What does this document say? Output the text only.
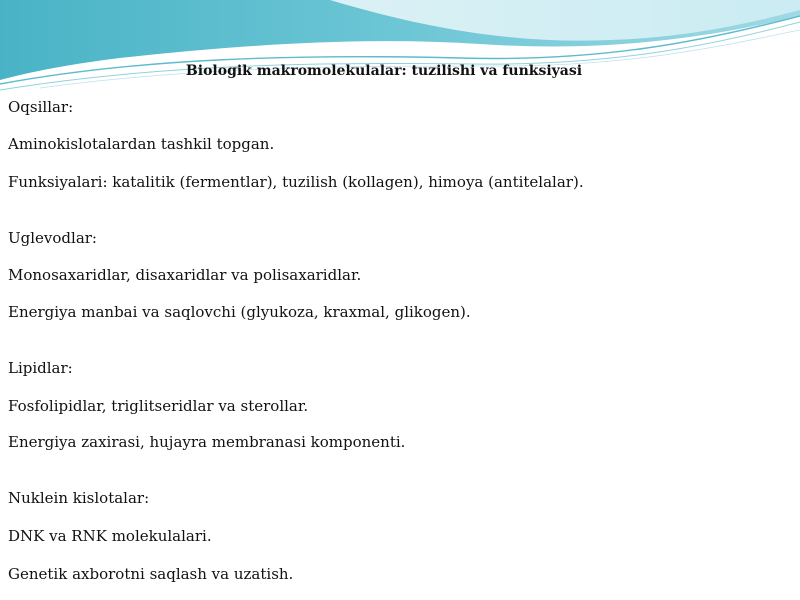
Biologik makromolekulalar: tuzilishi va funksiyasi

Oqsillar:

Aminokislotalardan tashkil topgan.

Funksiyalari: katalitik (fermentlar), tuzilish (kollagen), himoya (antitelalar).

Uglevodlar:

Monosaxaridlar, disaxaridlar va polisaxaridlar.

Energiya manbai va saqlovchi (glyukoza, kraxmal, glikogen).

Lipidlar:

Fosfolipidlar, triglitseridlar va sterollar.

Energiya zaxirasi, hujayra membranasi komponenti.

Nuklein kislotalar:

DNK va RNK molekulalari.

Genetik axborotni saqlash va uzatish.
